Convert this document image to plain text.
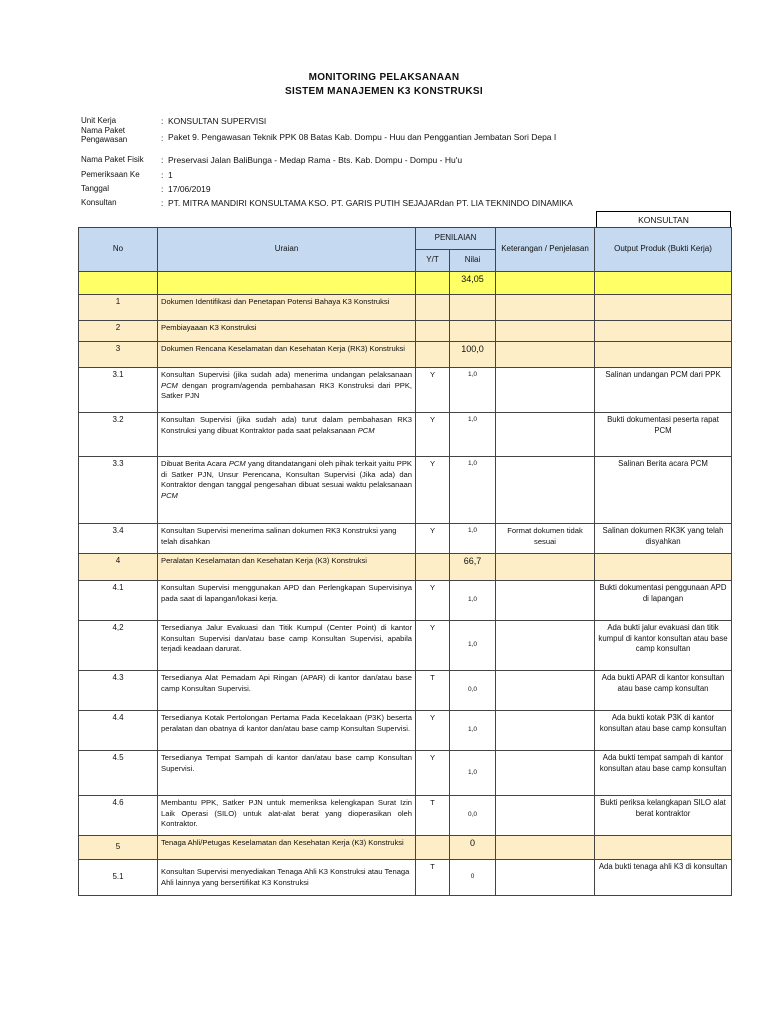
MONITORING PELAKSANAAN
SISTEM MANAJEMEN K3 KONSTRUKSI
Unit Kerja	: KONSULTAN SUPERVISI
Nama Paket Pengawasan	: Paket 9. Pengawasan Teknik PPK 08 Batas Kab. Dompu - Huu dan Penggantian Jembatan Sori Depa I
Nama Paket Fisik	: Preservasi Jalan BaliBunga - Medap Rama - Bts. Kab. Dompu - Dompu - Hu'u
Pemeriksaan Ke	: 1
Tanggal	: 17/06/2019
Konsultan	: PT. MITRA MANDIRI KONSULTAMA KSO. PT. GARIS PUTIH SEJAJARdan PT. LIA TEKNINDO DINAMIKA
KONSULTAN
No	Uraian	PENILAIAN		Keterangan / Penjelasan	Output Produk (Bukti Kerja)
		Y/T	Nilai		
			34,05		
1	Dokumen Identifikasi dan Penetapan Potensi Bahaya K3 Konstruksi				
2	Pembiayaaan K3 Konstruksi				
3	Dokumen Rencana Keselamatan dan Kesehatan Kerja (RK3) Konstruksi		100,0		
3.1	Konsultan Supervisi (jika sudah ada) menerima undangan pelaksanaan PCM dengan program/agenda pembahasan RK3 Konstruksi dari PPK, Satker PJN	Y	1,0		Salinan undangan PCM dari PPK
3.2	Konsultan Supervisi (jika sudah ada) turut dalam pembahasan RK3 Konstruksi yang dibuat Kontraktor pada saat pelaksanaan PCM	Y	1,0		Bukti dokumentasi peserta rapat PCM
3.3	Dibuat Berita Acara PCM yang ditandatangani oleh pihak terkait yaitu PPK di Satker PJN, Unsur Perencana, Konsultan Supervisi (Jika ada) dan Kontraktor dengan tanggal pengesahan dibuat sesuai waktu pelaksanaan PCM	Y	1,0		Salinan Berita acara PCM
3.4	Konsultan Supervisi menerima salinan dokumen RK3 Konstruksi yang telah disahkan	Y	1,0	Format dokumen tidak sesuai	Salinan dokumen RK3K yang telah disyahkan
4	Peralatan Keselamatan dan Kesehatan Kerja (K3) Konstruksi		66,7		
4.1	Konsultan Supervisi menggunakan APD dan Perlengkapan Supervisinya pada saat di lapangan/lokasi kerja.	Y	1,0		Bukti dokumentasi penggunaan APD di lapangan
4,2	Tersedianya Jalur Evakuasi dan Titik Kumpul (Center Point) di kantor Konsultan Supervisi dan/atau base camp Konsultan Supervisi, apabila terjadi keadaan darurat.	Y	1,0		Ada bukti jalur evakuasi dan titik kumpul di kantor konsultan atau base camp konsultan
4.3	Tersedianya Alat Pemadam Api Ringan (APAR) di kantor dan/atau base camp Konsultan Supervisi.	T	0,0		Ada bukti APAR di kantor konsultan atau base camp konsultan
4.4	Tersedianya Kotak Pertolongan Pertama Pada Kecelakaan (P3K) beserta peralatan dan obatnya di kantor dan/atau base camp Konsultan Supervisi.	Y	1,0		Ada bukti kotak P3K di kantor konsultan atau base camp konsultan
4.5	Tersedianya Tempat Sampah di kantor dan/atau base camp Konsultan Supervisi.	Y	1,0		Ada bukti tempat sampah di kantor konsultan atau base camp konsultan
4.6	Membantu PPK, Satker PJN untuk memeriksa kelengkapan Surat Izin Laik Operasi (SILO) untuk alat-alat berat yang dioperasikan oleh Kontraktor.	T	0,0		Bukti periksa kelangkapan SILO alat berat kontraktor
5	Tenaga Ahli/Petugas Keselamatan dan Kesehatan Kerja (K3) Konstruksi		0		
5.1	Konsultan Supervisi menyediakan Tenaga Ahli K3 Konstruksi atau Tenaga Ahli lainnya yang bersertifikat K3 Konstruksi	T	0		Ada bukti tenaga ahli K3 di konsultan
